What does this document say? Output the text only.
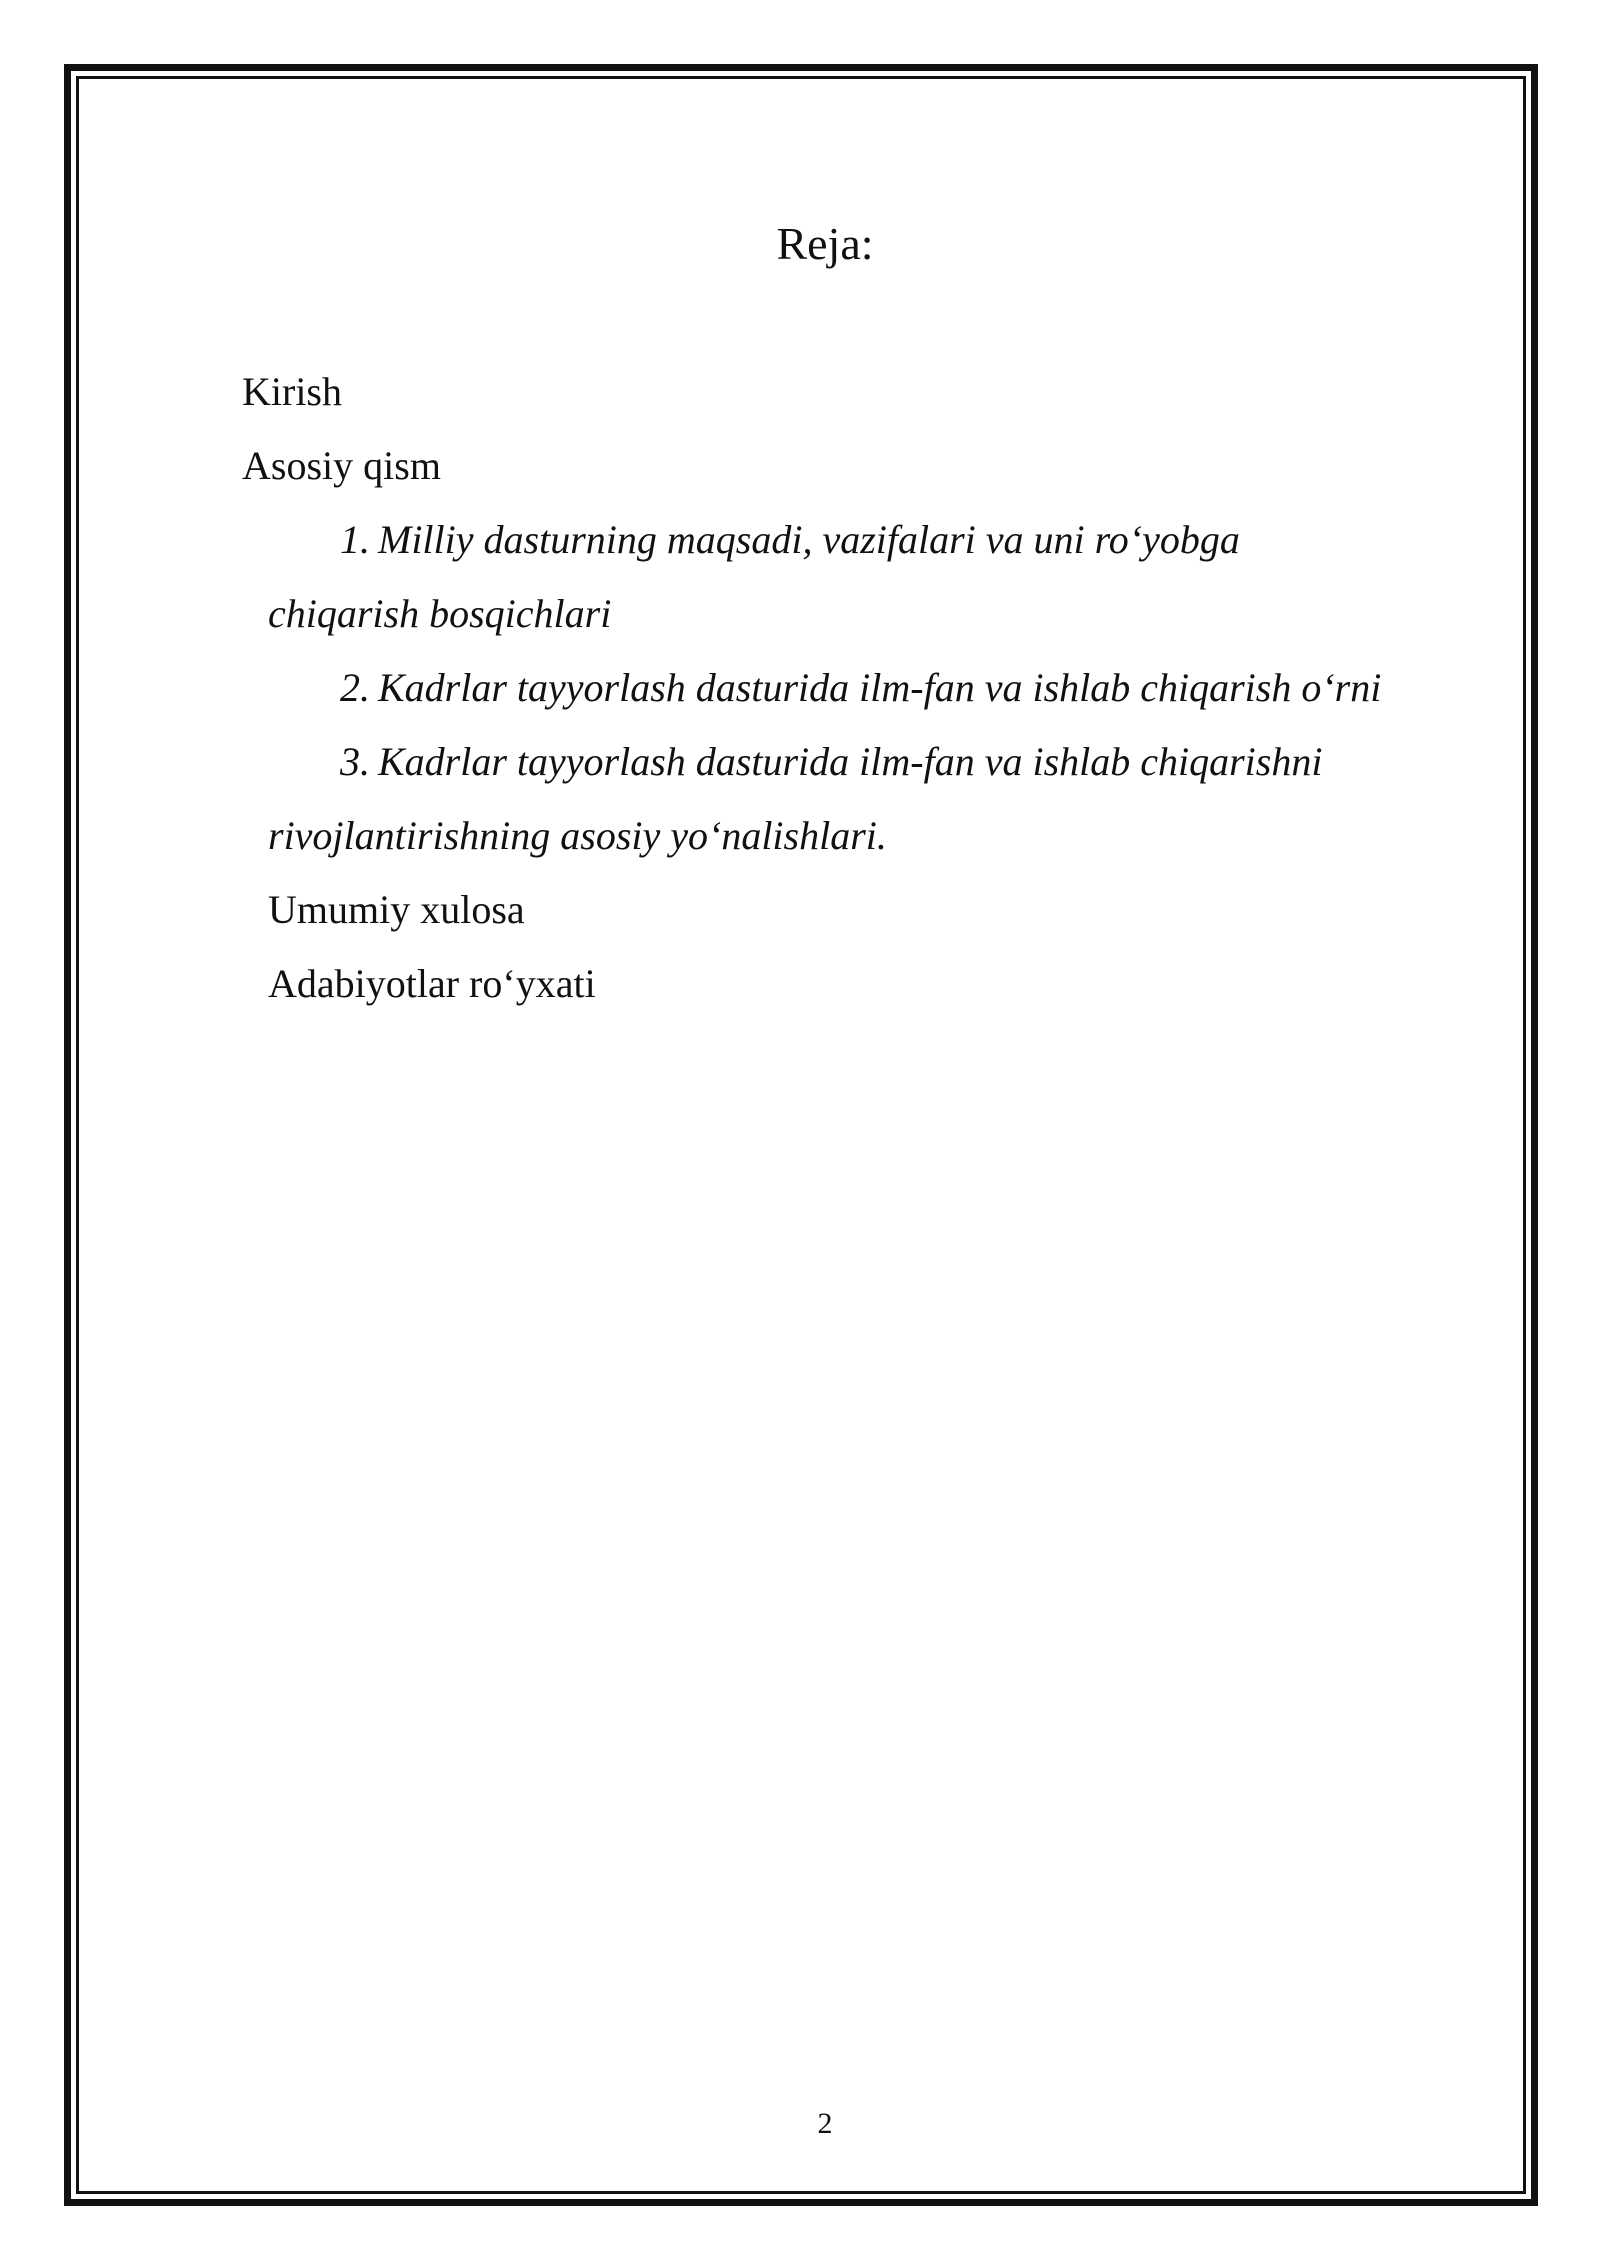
Reja:
Kirish
Asosiy qism
1. Milliy dasturning maqsadi, vazifalari va uni ro‘yobga
chiqarish bosqichlari
2. Kadrlar tayyorlash dasturida ilm-fan va ishlab chiqarish o‘rni
3. Kadrlar tayyorlash dasturida ilm-fan va ishlab chiqarishni
rivojlantirishning asosiy yo‘nalishlari.
Umumiy xulosa
Adabiyotlar ro‘yxati
2
